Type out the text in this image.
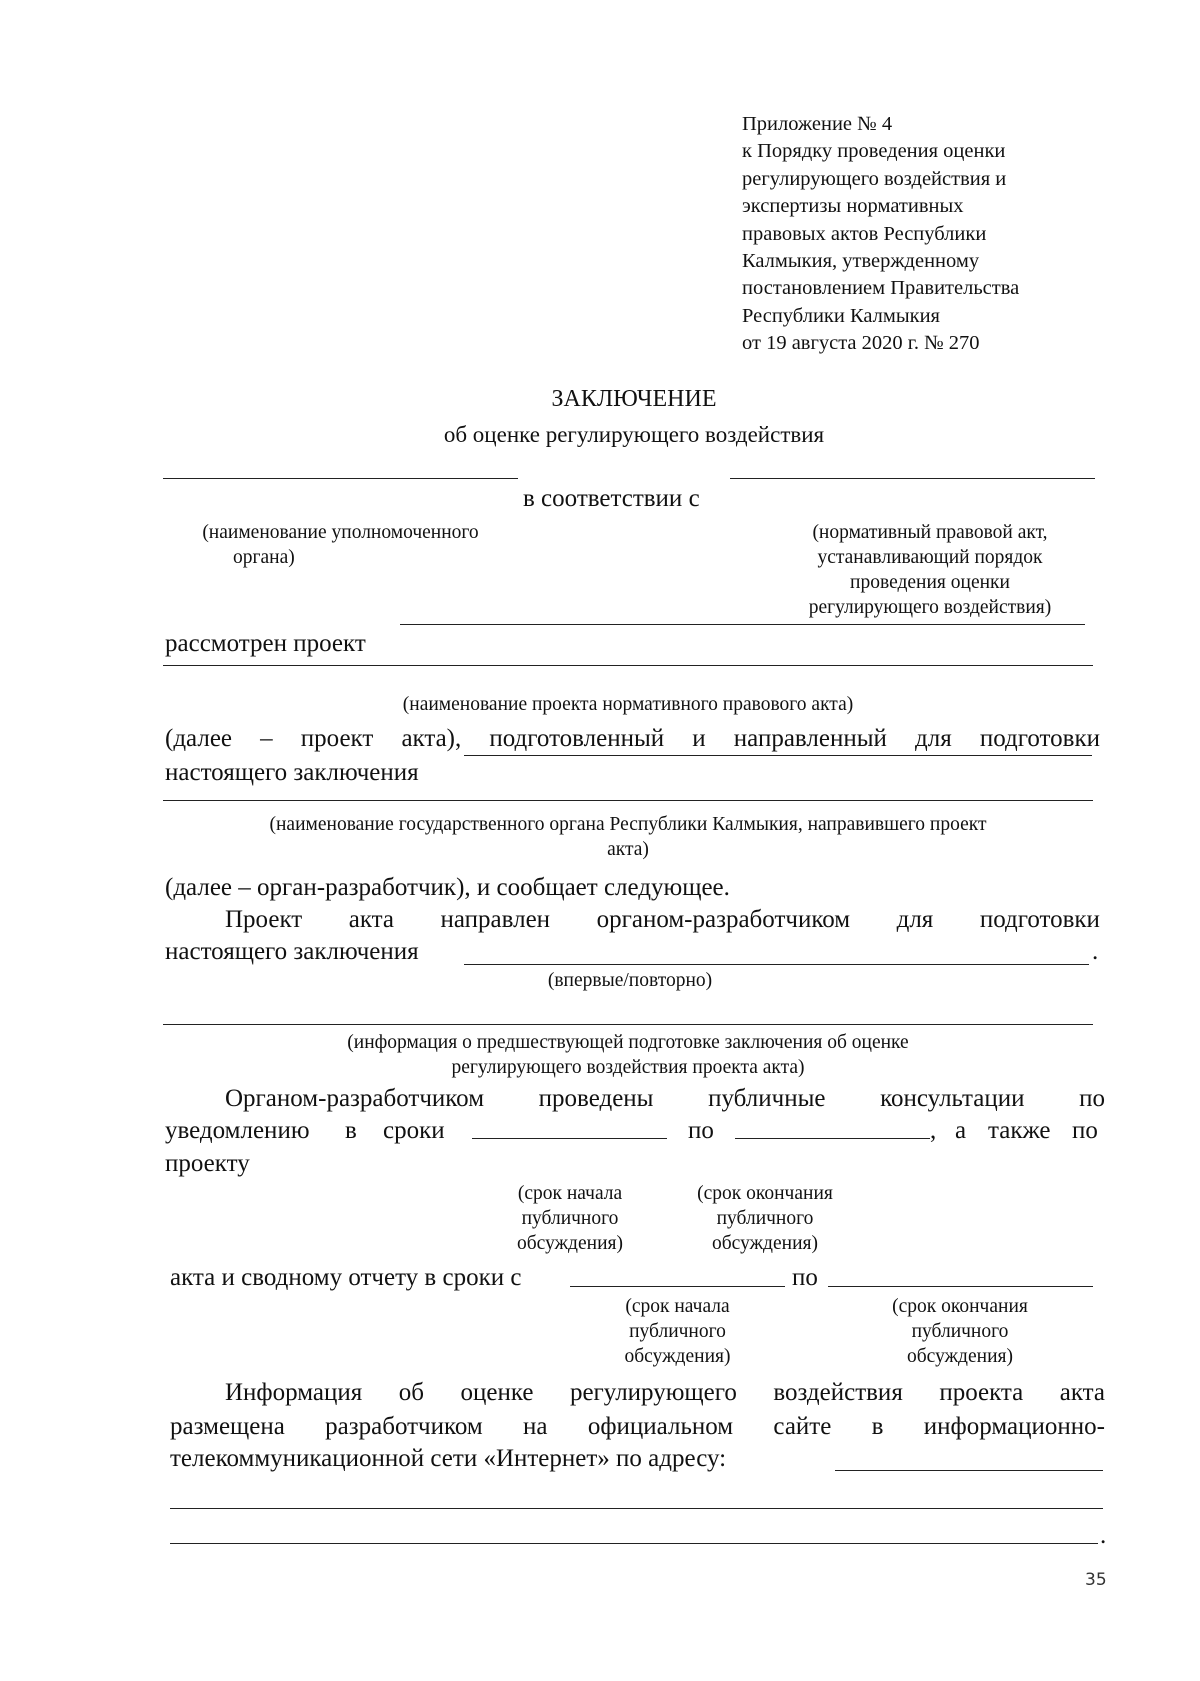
Приложение № 4
к Порядку проведения оценки
регулирующего воздействия и
экспертизы нормативных
правовых актов Республики
Калмыкия, утвержденному
постановлением Правительства
Республики Калмыкия
от 19 августа 2020 г. № 270
ЗАКЛЮЧЕНИЕ
об оценке регулирующего воздействия
в соответствии с
(наименование уполномоченного
органа)
(нормативный правовой акт,
устанавливающий порядок
проведения оценки
регулирующего воздействия)
рассмотрен проект
(наименование проекта нормативного правового акта)
(далее – проект акта), подготовленный и направленный для подготовки
настоящего заключения
(наименование государственного органа Республики Калмыкия, направившего проект
акта)
(далее – орган-разработчик), и сообщает следующее.
Проект акта направлен органом-разработчиком для подготовки
настоящего заключения	.
(впервые/повторно)
(информация о предшествующей подготовке заключения об оценке
регулирующего воздействия проекта акта)
Органом-разработчиком проведены публичные консультации по
уведомлению в сроки	по	, а также по
проекту
(срок начала
публичного
обсуждения)
(срок окончания
публичного
обсуждения)
акта и сводному отчету в сроки с	по
(срок начала
публичного
обсуждения)
(срок окончания
публичного
обсуждения)
Информация об оценке регулирующего воздействия проекта акта
размещена разработчиком на официальном сайте в информационно-
телекоммуникационной сети «Интернет» по адресу:
.
35
